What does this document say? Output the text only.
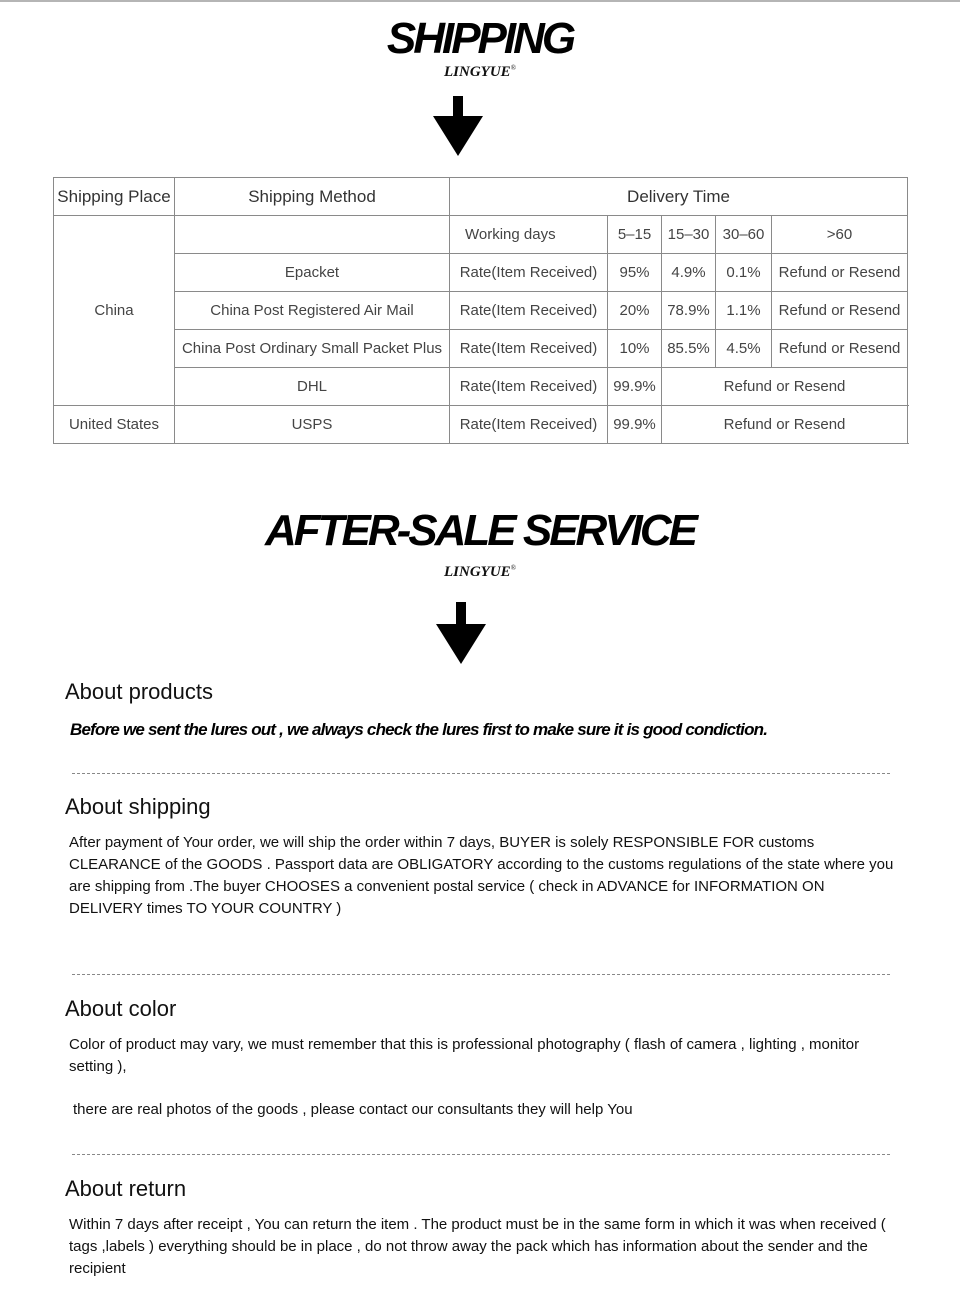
SHIPPING
LINGYUE®
Shipping Place	Shipping Method	Delivery Time				
China		Working days	5–15	15–30	30–60	>60
	Epacket	Rate(Item Received)	95%	4.9%	0.1%	Refund or Resend
	China Post Registered Air Mail	Rate(Item Received)	20%	78.9%	1.1%	Refund or Resend
	China Post Ordinary Small Packet Plus	Rate(Item Received)	10%	85.5%	4.5%	Refund or Resend
	DHL	Rate(Item Received)	99.9%	Refund or Resend		
United States	USPS	Rate(Item Received)	99.9%	Refund or Resend		
AFTER-SALE SERVICE
LINGYUE®
About products
Before we sent the lures out , we always check the lures first to make sure it is good condiction.
About shipping
After payment of Your order, we will ship the order within 7 days, BUYER is solely RESPONSIBLE FOR customs CLEARANCE of the GOODS . Passport data are OBLIGATORY according to the customs regulations of the state where you are shipping from .The buyer CHOOSES a convenient postal service ( check in ADVANCE for INFORMATION ON DELIVERY times TO YOUR COUNTRY )
About color
Color of product may vary, we must remember that this is professional photography ( flash of camera , lighting , monitor setting ),
there are real photos of the goods , please contact our consultants they will help You
About return
Within 7 days after receipt , You can return the item . The product must be in the same form in which it was when received ( tags ,labels ) everything should be in place , do not throw away the pack which has information about the sender and the recipient
